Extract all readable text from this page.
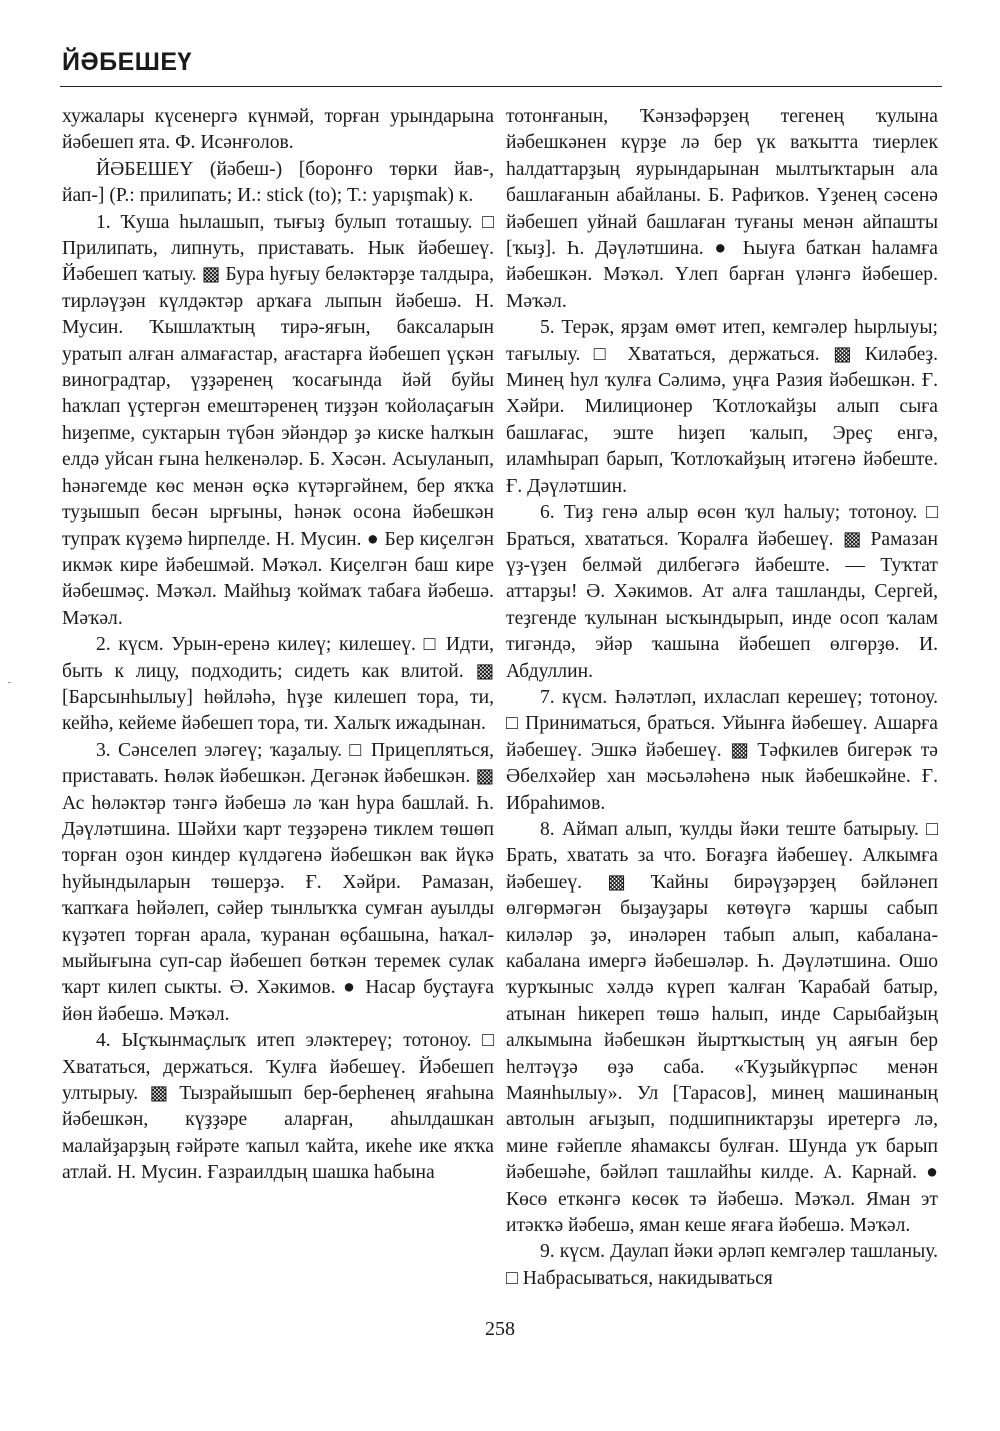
ЙӘБЕШЕҮ

хужалары күсенергә күнмәй, торған урындарына йәбешеп ята. Ф. Исәнғолов.

ЙӘБЕШЕҮ (йәбеш-) [боронғо төрки йав-, йап-] (Р.: прилипать; И.: stick (to); Т.: yapışmak) к.

1. Ҡуша һылашып, тығыҙ булып тоташыу. □ Прилипать, липнуть, приставать. Нык йәбешеү. Йәбешеп ҡатыу. ▩ Бура һуғыу беләктәрҙе талдыра, тирләүҙән күлдәктәр арҡаға лыпын йәбешә. Н. Мусин. Ҡышлаҡтың тирә-яғын, баксаларын уратып алған алмағастар, ағастарға йәбешеп үҫкән виноградтар, үҙҙәренең ҡосағында йәй буйы һаҡлап үҫтергән емештәренең тиҙҙән ҡойолаҫағын һиҙепме, суктарын түбән эйәндәр ҙә киске һалҡын елдә уйсан ғына һелкенәләр. Б. Хәсән. Асыуланып, һәнәгемде көс менән өҫкә күтәргәйнем, бер яҡҡа туҙышып бесән ырғыны, һәнәк осона йәбешкән тупраҡ күҙемә һирпелде. Н. Мусин. ● Бер киҫелгән икмәк кире йәбешмәй. Мәҡәл. Киҫелгән баш кире йәбешмәҫ. Мәҡәл. Майһыҙ ҡоймаҡ табаға йәбешә. Мәҡәл.

2. күсм. Урын-еренә килеү; килешеү. □ Идти, быть к лицу, подходить; сидеть как влитой. ▩ [Барсынһылыу] һөйләһә, һүҙе килешеп тора, ти, кейһә, кейеме йәбешеп тора, ти. Халыҡ ижадынан.

3. Сәнселеп эләгеү; ҡаҙалыу. □ Прицепляться, приставать. Һөләк йәбешкән. Дегәнәк йәбешкән. ▩ Ас һөләктәр тәнгә йәбешә лә ҡан һура башлай. Һ. Дәүләтшина. Шәйхи ҡарт теҙҙәренә тиклем төшөп торған оҙон киндер күлдәгенә йәбешкән вак йүкә һуйындыларын төшерҙә. Ғ. Хәйри. Рамазан, ҡапҡаға һөйәлеп, сәйер тынлыҡҡа сумған ауылды күҙәтеп торған арала, ҡуранан өҫбашына, һаҡал-мыйығына суп-сар йәбешеп бөткән теремек сулак ҡарт килеп сыкты. Ә. Хәкимов. ● Насар буҫтауға йөн йәбешә. Мәҡәл.

4. Ыҫҡынмаҫлыҡ итеп эләктереү; тотоноу. □ Хвататься, держаться. Ҡулға йәбешеү. Йәбешеп ултырыу. ▩ Тызрайышып бер-берһенең яғаһына йәбешкән, күҙҙәре аларған, аһылдашкан малайҙарҙың ғәйрәте ҡапыл ҡайта, икеһе ике яҡҡа атлай. Н. Мусин. Ғазраилдың шашка һабына

тотонғанын, Ҡәнзәфәрҙең тегенең ҡулына йәбешкәнен күрҙе лә бер үк ваҡытта тиерлек һалдаттарҙың яурындарынан мылтыҡтарын ала башлағанын абайланы. Б. Рафиҡов. Үҙенең сәсенә йәбешеп уйнай башлаған туғаны менән айпашты [ҡыҙ]. Һ. Дәүләтшина. ● Һыуға баткан һаламға йәбешкән. Мәҡәл. Үлеп барған үләнгә йәбешер. Мәҡәл.

5. Терәк, ярҙам өмөт итеп, кемгәлер һырлыуы; тағылыу. □ Хвататься, держаться. ▩ Киләбеҙ. Минең һул ҡулға Сәлимә, уңға Разия йәбешкән. Ғ. Хәйри. Милиционер Ҡотлоҡайҙы алып сыға башлағас, эште һиҙеп ҡалып, Эреҫ енгә, иламһырап барып, Ҡотлоҡайҙың итәгенә йәбеште. Ғ. Дәүләтшин.

6. Тиҙ генә алыр өсөн ҡул һалыу; тотоноу. □ Браться, хвататься. Ҡоралға йәбешеү. ▩ Рамазан үҙ-үҙен белмәй дилбегәгә йәбеште. — Туҡтат аттарҙы! Ә. Хәкимов. Ат алға ташланды, Сергей, теҙгенде ҡулынан ысҡындырып, инде осоп ҡалам тигәндә, эйәр ҡашына йәбешеп өлгөрҙө. И. Абдуллин.

7. күсм. Һәләтләп, ихласлап керешеү; тотоноу. □ Приниматься, браться. Уйынға йәбешеү. Ашарға йәбешеү. Эшкә йәбешеү. ▩ Тәфкилев бигерәк тә Әбелхәйер хан мәсьәләһенә нык йәбешкәйне. Ғ. Ибраһимов.

8. Аймап алып, ҡулды йәки теште батырыу. □ Брать, хватать за что. Боғаҙға йәбешеү. Алкымға йәбешеү. ▩ Ҡайны бирәүҙәрҙең бәйләнеп өлгөрмәгән быҙауҙары көтөүгә ҡаршы сабып киләләр ҙә, инәләрен табып алып, кабалана-кабалана имергә йәбешәләр. Һ. Дәүләтшина. Ошо ҡурҡыныс хәлдә күреп ҡалған Ҡарабай батыр, атынан һикереп төшә һалып, инде Сарыбайҙың алкымына йәбешкән йыртҡыстың уң аяғын бер һелтәүҙә өҙә саба. «Ҡуҙыйкүрпәс менән Маянһылыу». Ул [Тарасов], минең машинаның автолын ағыҙып, подшипниктарҙы иретергә лә, мине ғәйепле яһамаксы булған. Шунда уҡ барып йәбешәһе, бәйләп ташлайһы килде. А. Карнай. ● Көсө еткәнгә көсөк тә йәбешә. Мәҡәл. Яман эт итәкҡә йәбешә, яман кеше яғаға йәбешә. Мәҡәл.

9. күсм. Даулап йәки әрләп кемгәлер ташланыу. □ Набрасываться, накидываться

258
